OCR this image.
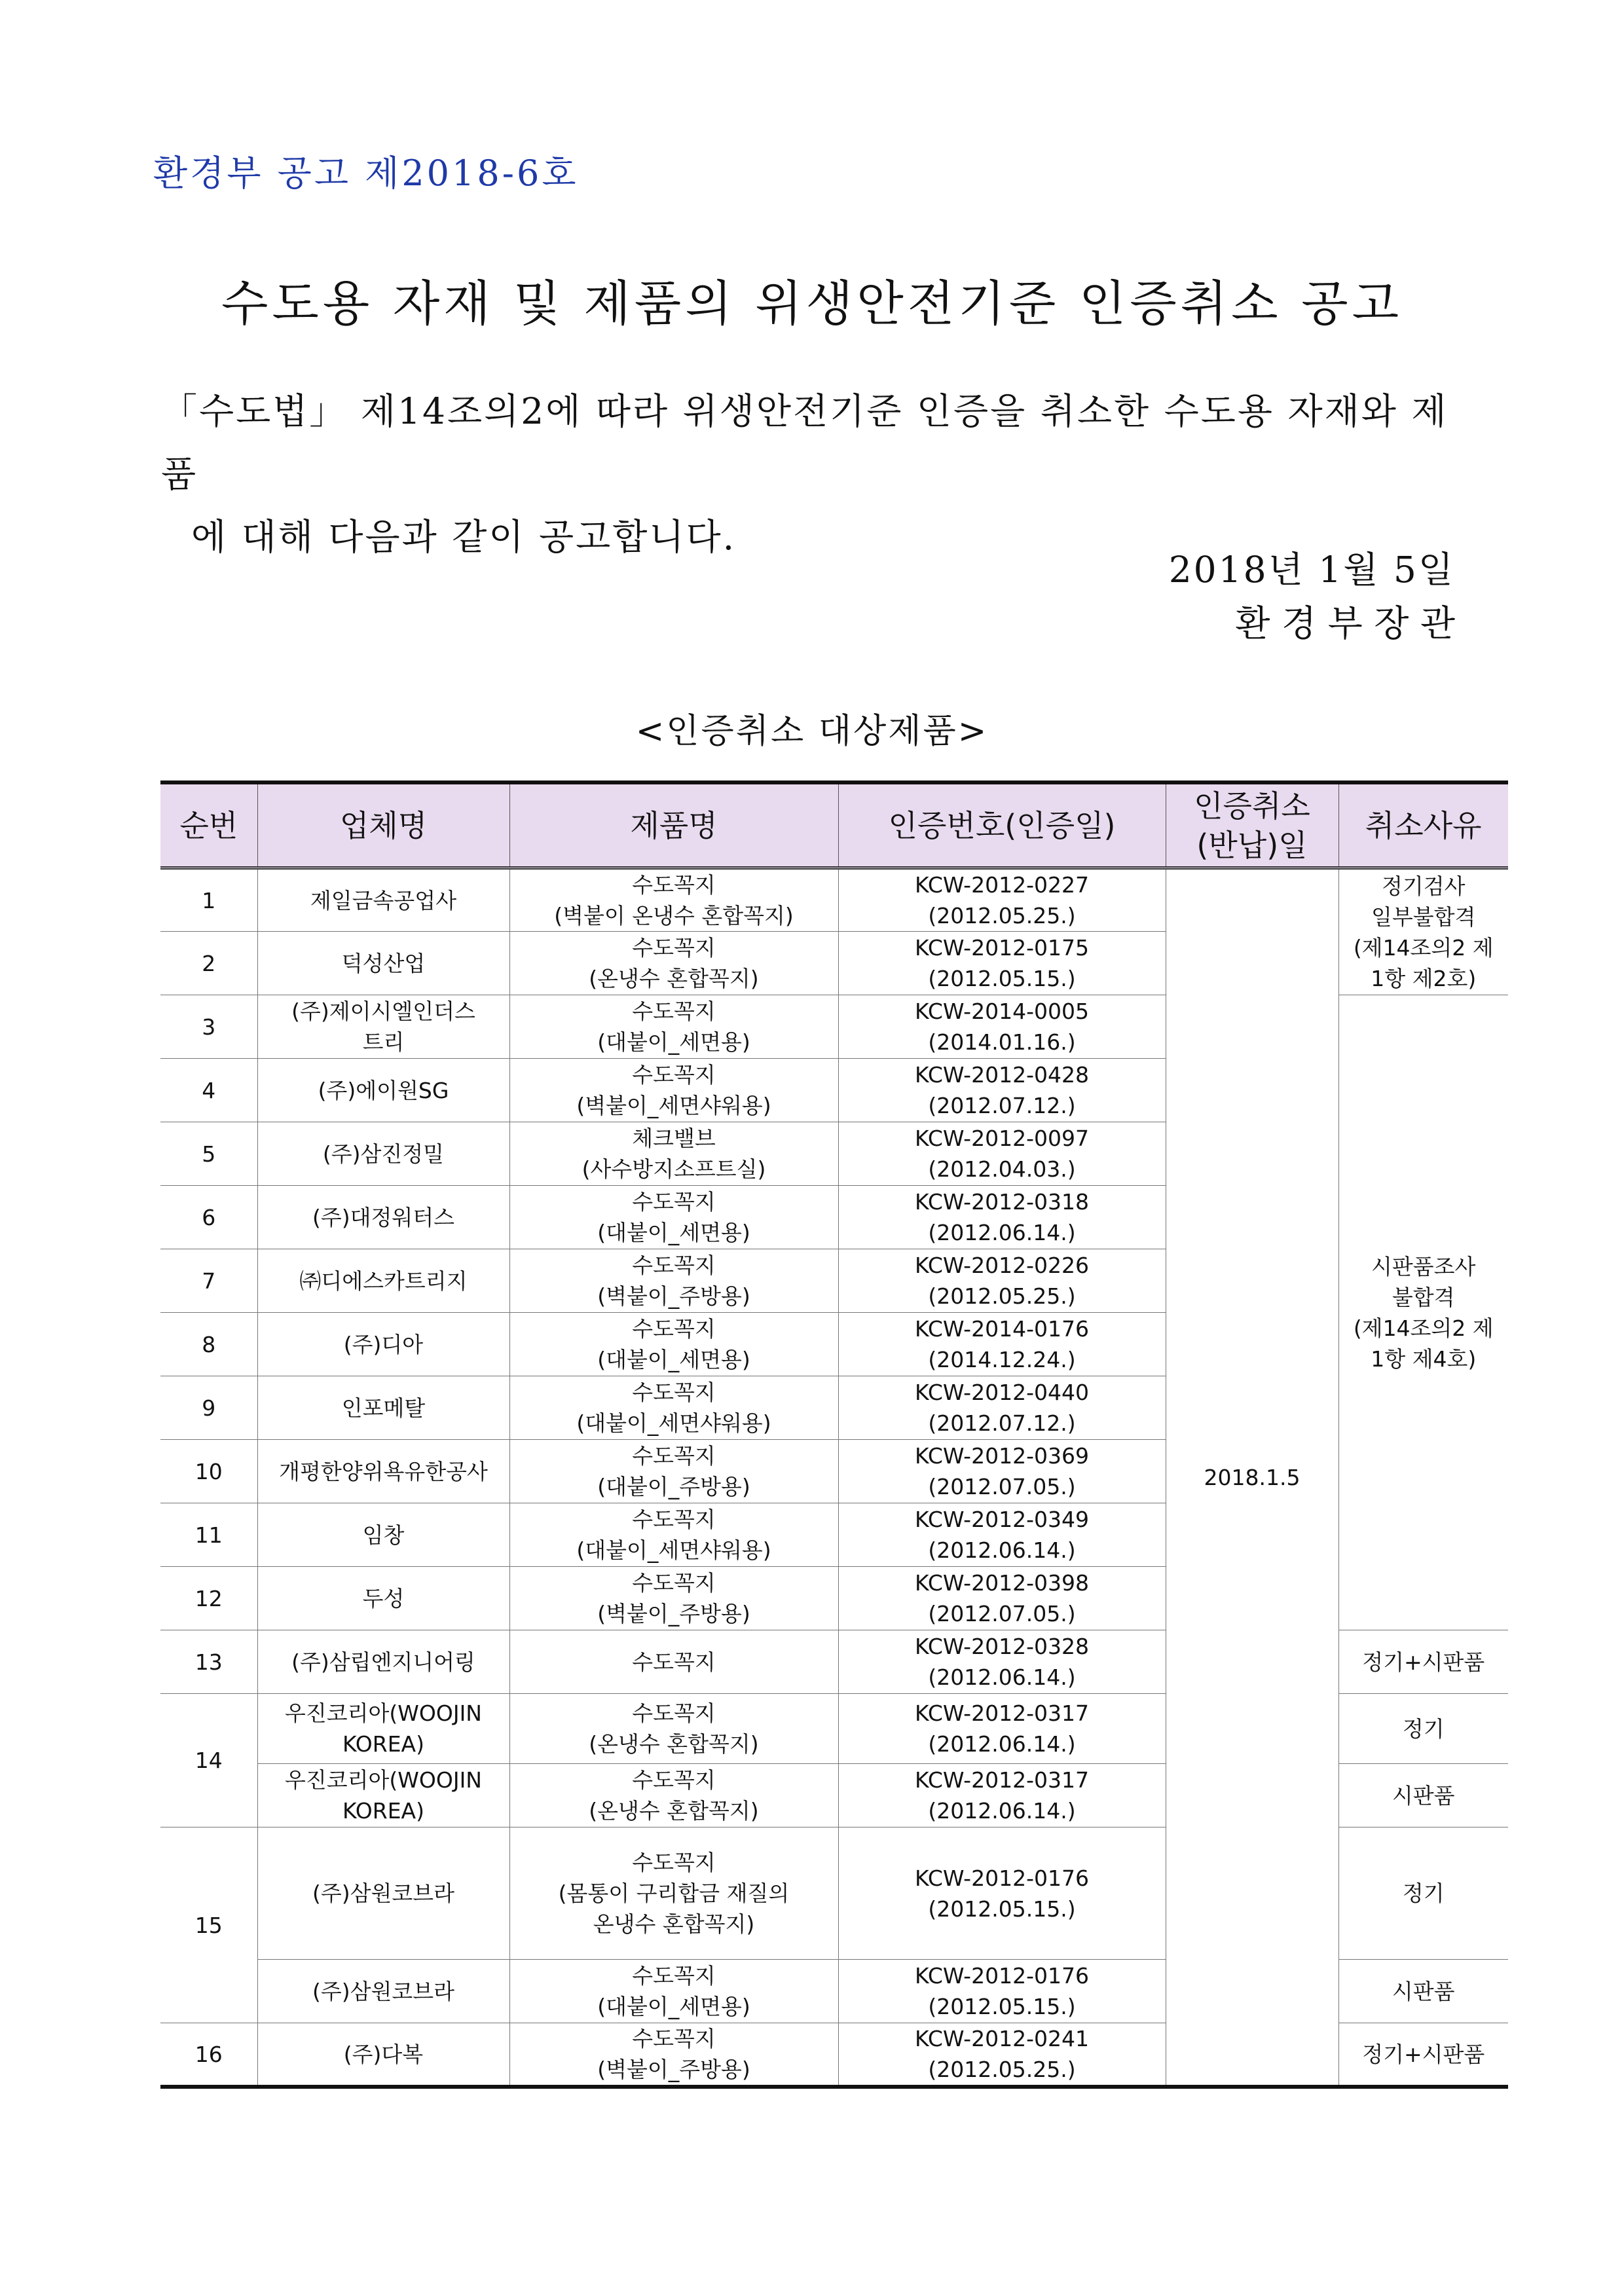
환경부 공고 제2018-6호
수도용 자재 및 제품의 위생안전기준 인증취소 공고
「수도법」 제14조의2에 따라 위생안전기준 인증을 취소한 수도용 자재와 제품
에 대해 다음과 같이 공고합니다.
2018년 1월 5일
환 경 부 장 관
<인증취소 대상제품>
순번	업체명	제품명	인증번호(인증일)	인증취소
(반납)일	취소사유
1	제일금속공업사	수도꼭지
(벽붙이 온냉수 혼합꼭지)	KCW-2012-0227
(2012.05.25.)	2018.1.5	정기검사
일부불합격
(제14조의2 제
1항 제2호)
2	덕성산업	수도꼭지
(온냉수 혼합꼭지)	KCW-2012-0175
(2012.05.15.)		
3	(주)제이시엘인더스
트리	수도꼭지
(대붙이_세면용)	KCW-2014-0005
(2014.01.16.)		시판품조사
불합격
(제14조의2 제
1항 제4호)
4	(주)에이원SG	수도꼭지
(벽붙이_세면샤워용)	KCW-2012-0428
(2012.07.12.)		
5	(주)삼진정밀	체크밸브
(사수방지소프트실)	KCW-2012-0097
(2012.04.03.)		
6	(주)대정워터스	수도꼭지
(대붙이_세면용)	KCW-2012-0318
(2012.06.14.)		
7	㈜디에스카트리지	수도꼭지
(벽붙이_주방용)	KCW-2012-0226
(2012.05.25.)		
8	(주)디아	수도꼭지
(대붙이_세면용)	KCW-2014-0176
(2014.12.24.)		
9	인포메탈	수도꼭지
(대붙이_세면샤워용)	KCW-2012-0440
(2012.07.12.)		
10	개평한양위욕유한공사	수도꼭지
(대붙이_주방용)	KCW-2012-0369
(2012.07.05.)		
11	임창	수도꼭지
(대붙이_세면샤워용)	KCW-2012-0349
(2012.06.14.)		
12	두성	수도꼭지
(벽붙이_주방용)	KCW-2012-0398
(2012.07.05.)		
13	(주)삼립엔지니어링	수도꼭지	KCW-2012-0328
(2012.06.14.)		정기+시판품
14	우진코리아(WOOJIN
KOREA)	수도꼭지
(온냉수 혼합꼭지)	KCW-2012-0317
(2012.06.14.)		정기
	우진코리아(WOOJIN
KOREA)	수도꼭지
(온냉수 혼합꼭지)	KCW-2012-0317
(2012.06.14.)		시판품
15	(주)삼원코브라	수도꼭지
(몸통이 구리합금 재질의
온냉수 혼합꼭지)	KCW-2012-0176
(2012.05.15.)		정기
	(주)삼원코브라	수도꼭지
(대붙이_세면용)	KCW-2012-0176
(2012.05.15.)		시판품
16	(주)다복	수도꼭지
(벽붙이_주방용)	KCW-2012-0241
(2012.05.25.)		정기+시판품
